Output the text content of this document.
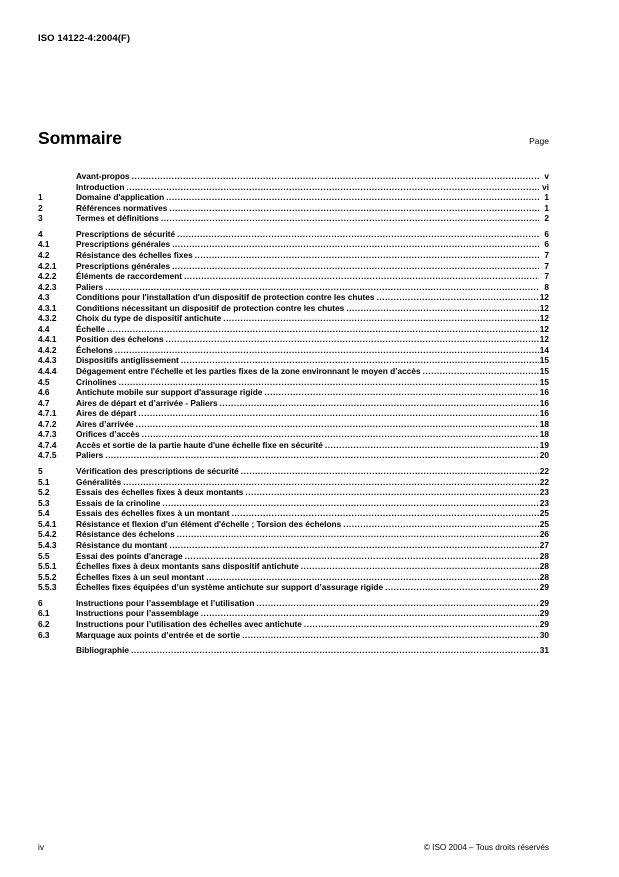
ISO 14122-4:2004(F)
Sommaire	Page
Avant-propos .....	v
Introduction .....	vi
1	Domaine d'application .....	1
2	Références normatives .....	1
3	Termes et définitions .....	2
4	Prescriptions de sécurité .....	6
4.1	Prescriptions générales .....	6
4.2	Résistance des échelles fixes .....	7
4.2.1	Prescriptions générales .....	7
4.2.2	Éléments de raccordement .....	7
4.2.3	Paliers .....	8
4.3	Conditions pour l'installation d'un dispositif de protection contre les chutes .....	12
4.3.1	Conditions nécessitant un dispositif de protection contre les chutes .....	12
4.3.2	Choix du type de dispositif antichute .....	12
4.4	Échelle .....	12
4.4.1	Position des échelons .....	12
4.4.2	Échelons .....	14
4.4.3	Dispositifs antiglissement .....	15
4.4.4	Dégagement entre l'échelle et les parties fixes de la zone environnant le moyen d’accès .....	15
4.5	Crinolines .....	15
4.6	Antichute mobile sur support d'assurage rigide .....	16
4.7	Aires de départ et d’arrivée - Paliers .....	16
4.7.1	Aires de départ .....	16
4.7.2	Aires d’arrivée .....	18
4.7.3	Orifices d’accès .....	18
4.7.4	Accès et sortie de la partie haute d'une échelle fixe en sécurité .....	19
4.7.5	Paliers .....	20
5	Vérification des prescriptions de sécurité .....	22
5.1	Généralités .....	22
5.2	Essais des échelles fixes à deux montants .....	23
5.3	Essais de la crinoline .....	23
5.4	Essais des échelles fixes à un montant .....	25
5.4.1	Résistance et flexion d'un élément d'échelle ; Torsion des échelons .....	25
5.4.2	Résistance des échelons .....	26
5.4.3	Résistance du montant .....	27
5.5	Essai des points d'ancrage .....	28
5.5.1	Échelles fixes à deux montants sans dispositif antichute .....	28
5.5.2	Échelles fixes à un seul montant .....	28
5.5.3	Échelles fixes équipées d’un système antichute sur support d’assurage rigide .....	29
6	Instructions pour l’assemblage et l’utilisation .....	29
6.1	Instructions pour l’assemblage .....	29
6.2	Instructions pour l’utilisation des échelles avec antichute .....	29
6.3	Marquage aux points d’entrée et de sortie .....	30
Bibliographie .....	31
iv	© ISO 2004 – Tous droits réservés
